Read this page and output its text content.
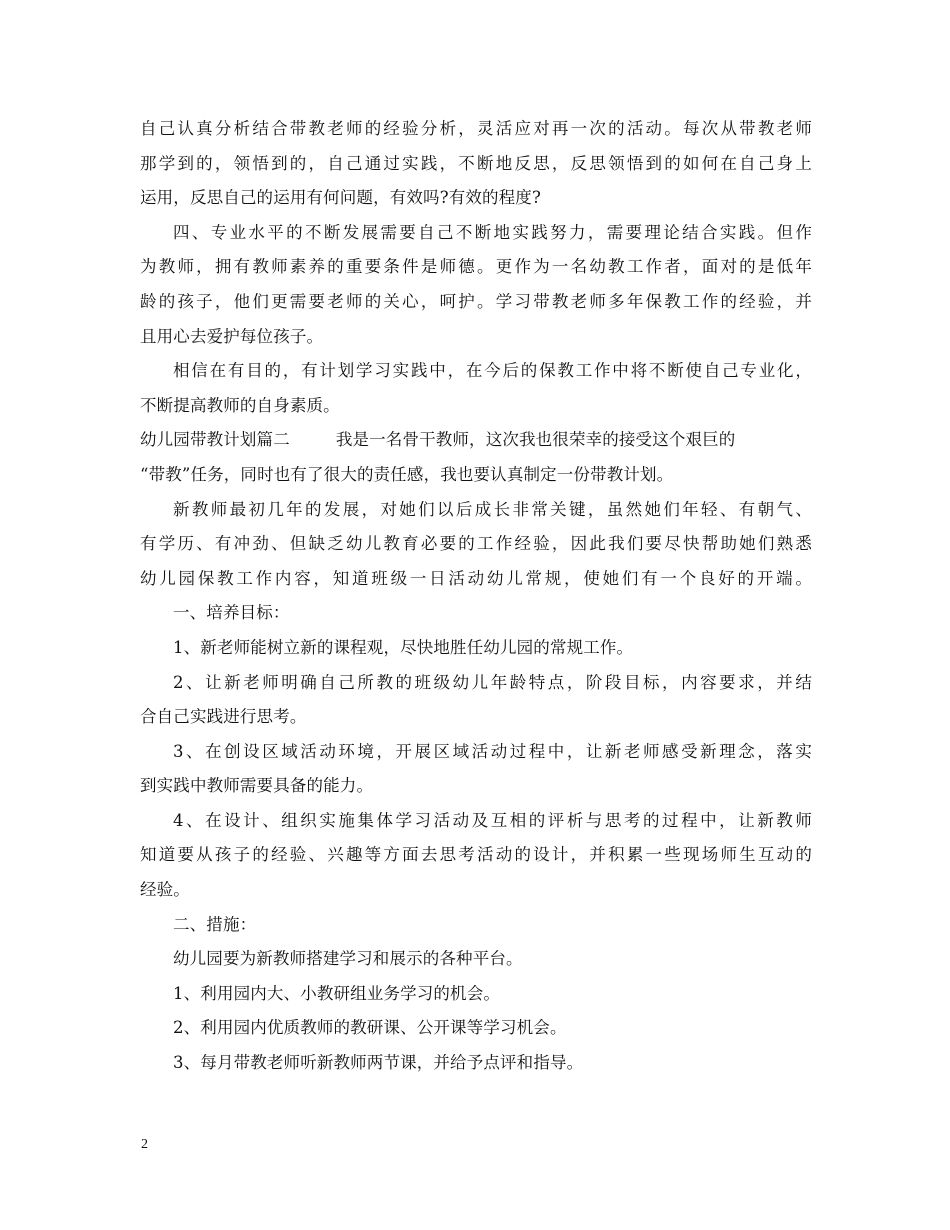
自己认真分析结合带教老师的经验分析，灵活应对再一次的活动。每次从带教老师
那学到的，领悟到的，自己通过实践，不断地反思，反思领悟到的如何在自己身上
运用，反思自己的运用有何问题，有效吗?有效的程度?
四、专业水平的不断发展需要自己不断地实践努力，需要理论结合实践。但作
为教师，拥有教师素养的重要条件是师德。更作为一名幼教工作者，面对的是低年
龄的孩子，他们更需要老师的关心，呵护。学习带教老师多年保教工作的经验，并
且用心去爱护每位孩子。
相信在有目的，有计划学习实践中，在今后的保教工作中将不断使自己专业化，
不断提高教师的自身素质。
幼儿园带教计划篇二	我是一名骨干教师，这次我也很荣幸的接受这个艰巨的
“带教”任务，同时也有了很大的责任感，我也要认真制定一份带教计划。
新教师最初几年的发展，对她们以后成长非常关键，虽然她们年轻、有朝气、
有学历、有冲劲、但缺乏幼儿教育必要的工作经验，因此我们要尽快帮助她们熟悉
幼儿园保教工作内容，知道班级一日活动幼儿常规，使她们有一个良好的开端。
一、培养目标：
1、新老师能树立新的课程观，尽快地胜任幼儿园的常规工作。
2、让新老师明确自己所教的班级幼儿年龄特点，阶段目标，内容要求，并结
合自己实践进行思考。
3、在创设区域活动环境，开展区域活动过程中，让新老师感受新理念，落实
到实践中教师需要具备的能力。
4、在设计、组织实施集体学习活动及互相的评析与思考的过程中，让新教师
知道要从孩子的经验、兴趣等方面去思考活动的设计，并积累一些现场师生互动的
经验。
二、措施：
幼儿园要为新教师搭建学习和展示的各种平台。
1、利用园内大、小教研组业务学习的机会。
2、利用园内优质教师的教研课、公开课等学习机会。
3、每月带教老师听新教师两节课，并给予点评和指导。
2
